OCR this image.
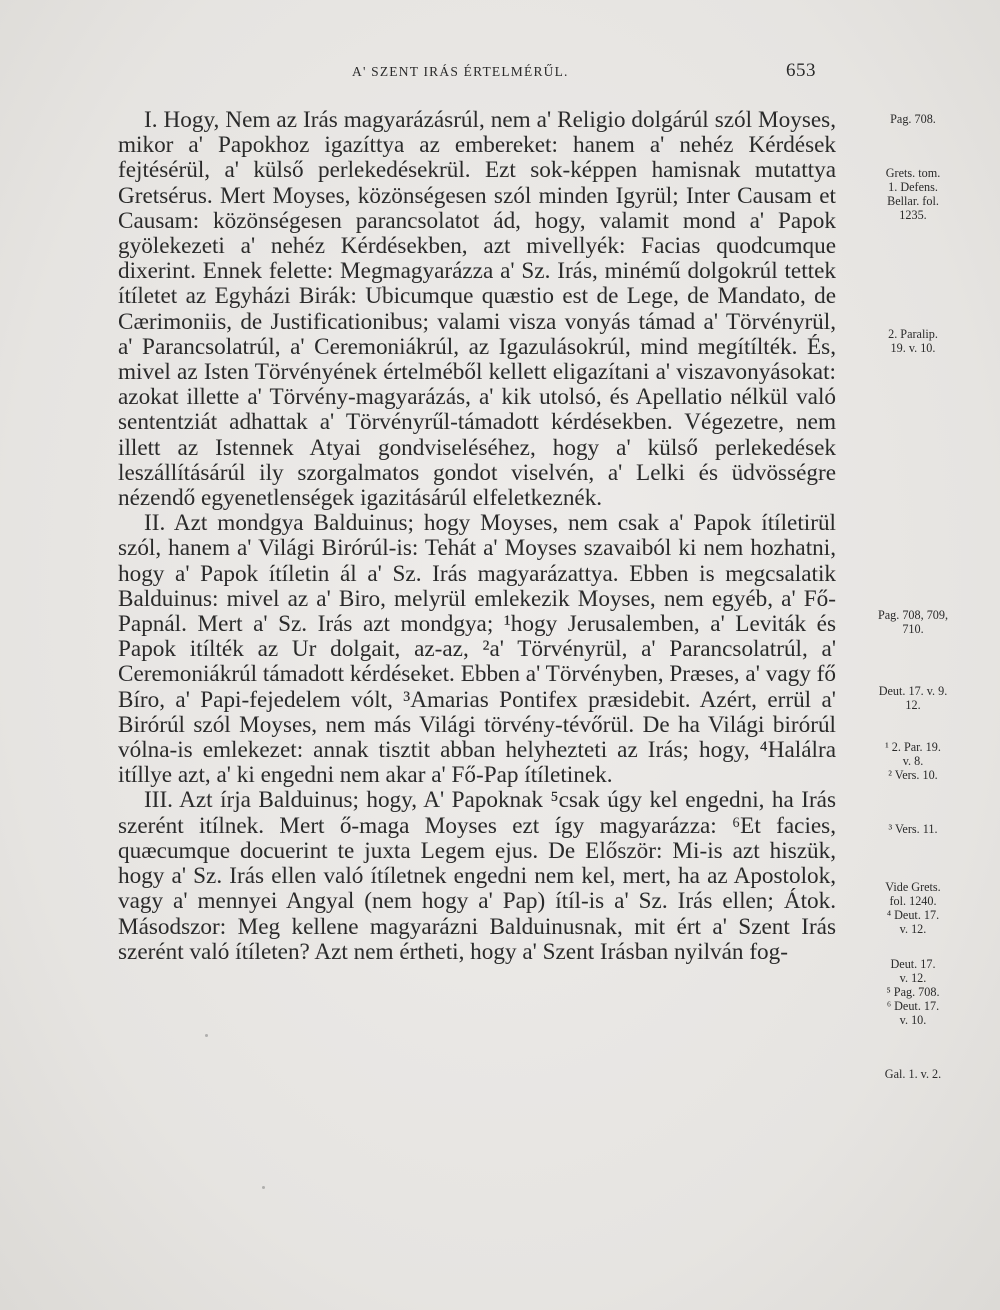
A' SZENT IRÁS ÉRTELMÉRŰL.	653

I. Hogy, Nem az Irás magyarázásrúl, nem a' Religio dolgárúl szól Moyses, mikor a' Papokhoz igazíttya az embereket: hanem a' nehéz Kérdések fejtésérül, a' külső perlekedésekrül. Ezt sok-képpen hamisnak mutattya Gretsérus. Mert Moyses, közönségesen szól minden Igyrül; Inter Causam et Causam: közönségesen parancsolatot ád, hogy, valamit mond a' Papok gyölekezeti a' nehéz Kérdésekben, azt mivellyék: Facias quodcumque dixerint. Ennek felette: Megmagyarázza a' Sz. Irás, minémű dolgokrúl tettek ítíletet az Egyházi Birák: Ubicumque quæstio est de Lege, de Mandato, de Cærimoniis, de Justificationibus; valami visza vonyás támad a' Törvényrül, a' Parancsolatrúl, a' Ceremoniákrúl, az Igazulásokrúl, mind megítílték. És, mivel az Isten Törvényének értelméből kellett eligazítani a' viszavonyásokat: azokat illette a' Törvény-magyarázás, a' kik utolsó, és Apellatio nélkül való sententziát adhattak a' Törvényrűl-támadott kérdésekben. Végezetre, nem illett az Istennek Atyai gondviseléséhez, hogy a' külső perlekedések leszállításárúl ily szorgalmatos gondot viselvén, a' Lelki és üdvösségre nézendő egyenetlenségek igazitásárúl elfeletkeznék.

II. Azt mondgya Balduinus; hogy Moyses, nem csak a' Papok ítíletirül szól, hanem a' Világi Birórúl-is: Tehát a' Moyses szavaiból ki nem hozhatni, hogy a' Papok ítíletin ál a' Sz. Irás magyarázattya. Ebben is megcsalatik Balduinus: mivel az a' Biro, melyrül emlekezik Moyses, nem egyéb, a' Fő-Papnál. Mert a' Sz. Irás azt mondgya; ¹hogy Jerusalemben, a' Leviták és Papok itílték az Ur dolgait, az-az, ²a' Törvényrül, a' Parancsolatrúl, a' Ceremoniákrúl támadott kérdéseket. Ebben a' Törvényben, Præses, a' vagy fő Bíro, a' Papi-fejedelem vólt, ³Amarias Pontifex præsidebit. Azért, errül a' Birórúl szól Moyses, nem más Világi törvény-tévőrül. De ha Világi birórúl vólna-is emlekezet: annak tisztit abban helyhezteti az Irás; hogy, ⁴Halálra itíllye azt, a' ki engedni nem akar a' Fő-Pap ítíletinek.

III. Azt írja Balduinus; hogy, A' Papoknak ⁵csak úgy kel engedni, ha Irás szerént itílnek. Mert ő-maga Moyses ezt így magyarázza: ⁶Et facies, quæcumque docuerint te juxta Legem ejus. De Először: Mi-is azt hiszük, hogy a' Sz. Irás ellen való ítíletnek engedni nem kel, mert, ha az Apostolok, vagy a' mennyei Angyal (nem hogy a' Pap) ítíl-is a' Sz. Irás ellen; Átok. Másodszor: Meg kellene magyarázni Balduinusnak, mit ért a' Szent Irás szerént való ítíleten? Azt nem értheti, hogy a' Szent Irásban nyilván fog-

Pag. 708.
Grets. tom.
1. Defens.
Bellar. fol.
1235.
2. Paralip.
19. v. 10.
Pag. 708, 709,
710.
Deut. 17. v. 9.
12.
¹ 2. Par. 19.
v. 8.
² Vers. 10.
³ Vers. 11.
Vide Grets.
fol. 1240.
⁴ Deut. 17.
v. 12.
Deut. 17.
v. 12.
⁵ Pag. 708.
⁶ Deut. 17.
v. 10.
Gal. 1. v. 2.
